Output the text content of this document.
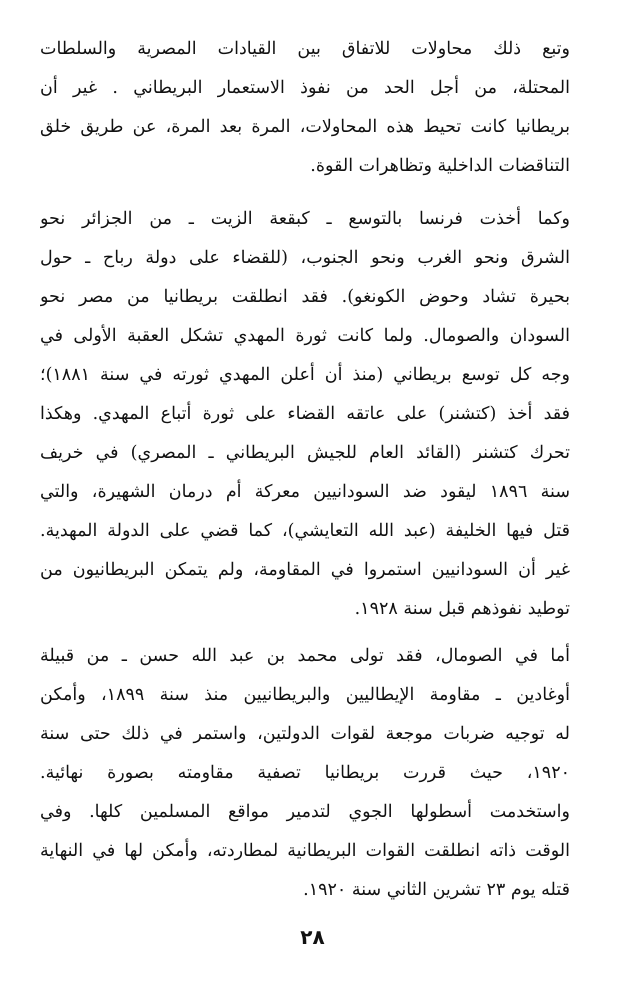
وتبع ذلك محاولات للاتفاق بين القيادات المصرية والسلطات
المحتلة، من أجل الحد من نفوذ الاستعمار البريطاني . غير أن
بريطانيا كانت تحيط هذه المحاولات، المرة بعد المرة، عن طريق خلق
التناقضات الداخلية وتظاهرات القوة.
وكما أخذت فرنسا بالتوسع ـ كبقعة الزيت ـ من الجزائر نحو
الشرق ونحو الغرب ونحو الجنوب، (للقضاء على دولة رباح ـ حول
بحيرة تشاد وحوض الكونغو). فقد انطلقت بريطانيا من مصر نحو
السودان والصومال. ولما كانت ثورة المهدي تشكل العقبة الأولى في
وجه كل توسع بريطاني (منذ أن أعلن المهدي ثورته في سنة ١٨٨١)؛
فقد أخذ (كتشنر) على عاتقه القضاء على ثورة أتباع المهدي. وهكذا
تحرك كتشنر (القائد العام للجيش البريطاني ـ المصري) في خريف
سنة ١٨٩٦ ليقود ضد السودانيين معركة أم درمان الشهيرة، والتي
قتل فيها الخليفة (عبد الله التعايشي)، كما قضي على الدولة المهدية.
غير أن السودانيين استمروا في المقاومة، ولم يتمكن البريطانيون من
توطيد نفوذهم قبل سنة ١٩٢٨.
أما في الصومال، فقد تولى محمد بن عبد الله حسن ـ من قبيلة
أوغادين ـ مقاومة الإيطاليين والبريطانيين منذ سنة ١٨٩٩، وأمكن
له توجيه ضربات موجعة لقوات الدولتين، واستمر في ذلك حتى سنة
١٩٢٠، حيث قررت بريطانيا تصفية مقاومته بصورة نهائية.
واستخدمت أسطولها الجوي لتدمير مواقع المسلمين كلها. وفي
الوقت ذاته انطلقت القوات البريطانية لمطاردته، وأمكن لها في النهاية
قتله يوم ٢٣ تشرين الثاني سنة ١٩٢٠.
٢٨
